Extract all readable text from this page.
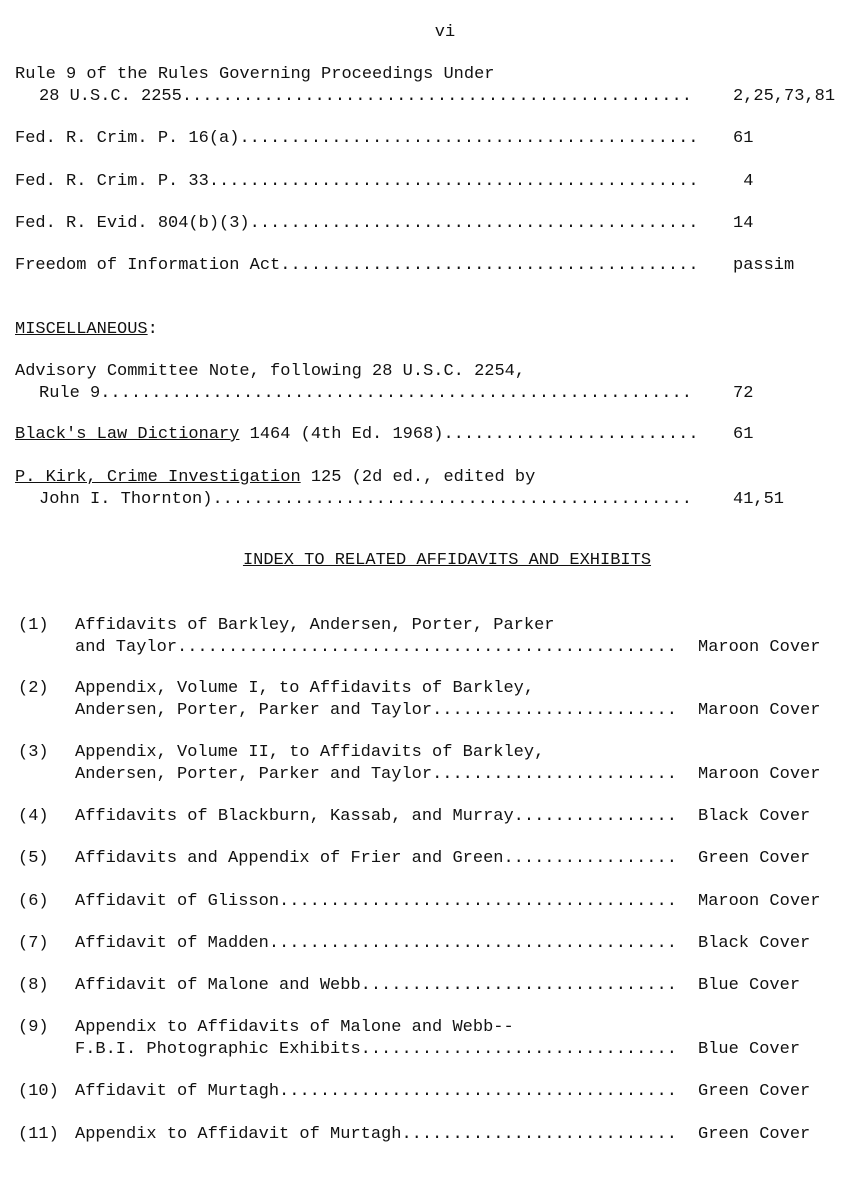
vi
Rule 9 of the Rules Governing Proceedings Under
28 U.S.C. 2255 .....	2,25,73,81
Fed. R. Crim. P. 16(a) .....	61
Fed. R. Crim. P. 33 .....	4
Fed. R. Evid. 804(b)(3) .....	14
Freedom of Information Act .....	passim
MISCELLANEOUS:
Advisory Committee Note, following 28 U.S.C. 2254,
Rule 9 .....	72
Black's Law Dictionary 1464 (4th Ed. 1968) .....	61
P. Kirk, Crime Investigation 125 (2d ed., edited by
John I. Thornton) .....	41,51
INDEX TO RELATED AFFIDAVITS AND EXHIBITS
(1) Affidavits of Barkley, Andersen, Porter, Parker
and Taylor .....	Maroon Cover
(2) Appendix, Volume I, to Affidavits of Barkley,
Andersen, Porter, Parker and Taylor .....	Maroon Cover
(3) Appendix, Volume II, to Affidavits of Barkley,
Andersen, Porter, Parker and Taylor .....	Maroon Cover
(4) Affidavits of Blackburn, Kassab, and Murray .....	Black Cover
(5) Affidavits and Appendix of Frier and Green .....	Green Cover
(6) Affidavit of Glisson .....	Maroon Cover
(7) Affidavit of Madden .....	Black Cover
(8) Affidavit of Malone and Webb .....	Blue Cover
(9) Appendix to Affidavits of Malone and Webb--
F.B.I. Photographic Exhibits .....	Blue Cover
(10) Affidavit of Murtagh .....	Green Cover
(11) Appendix to Affidavit of Murtagh .....	Green Cover
